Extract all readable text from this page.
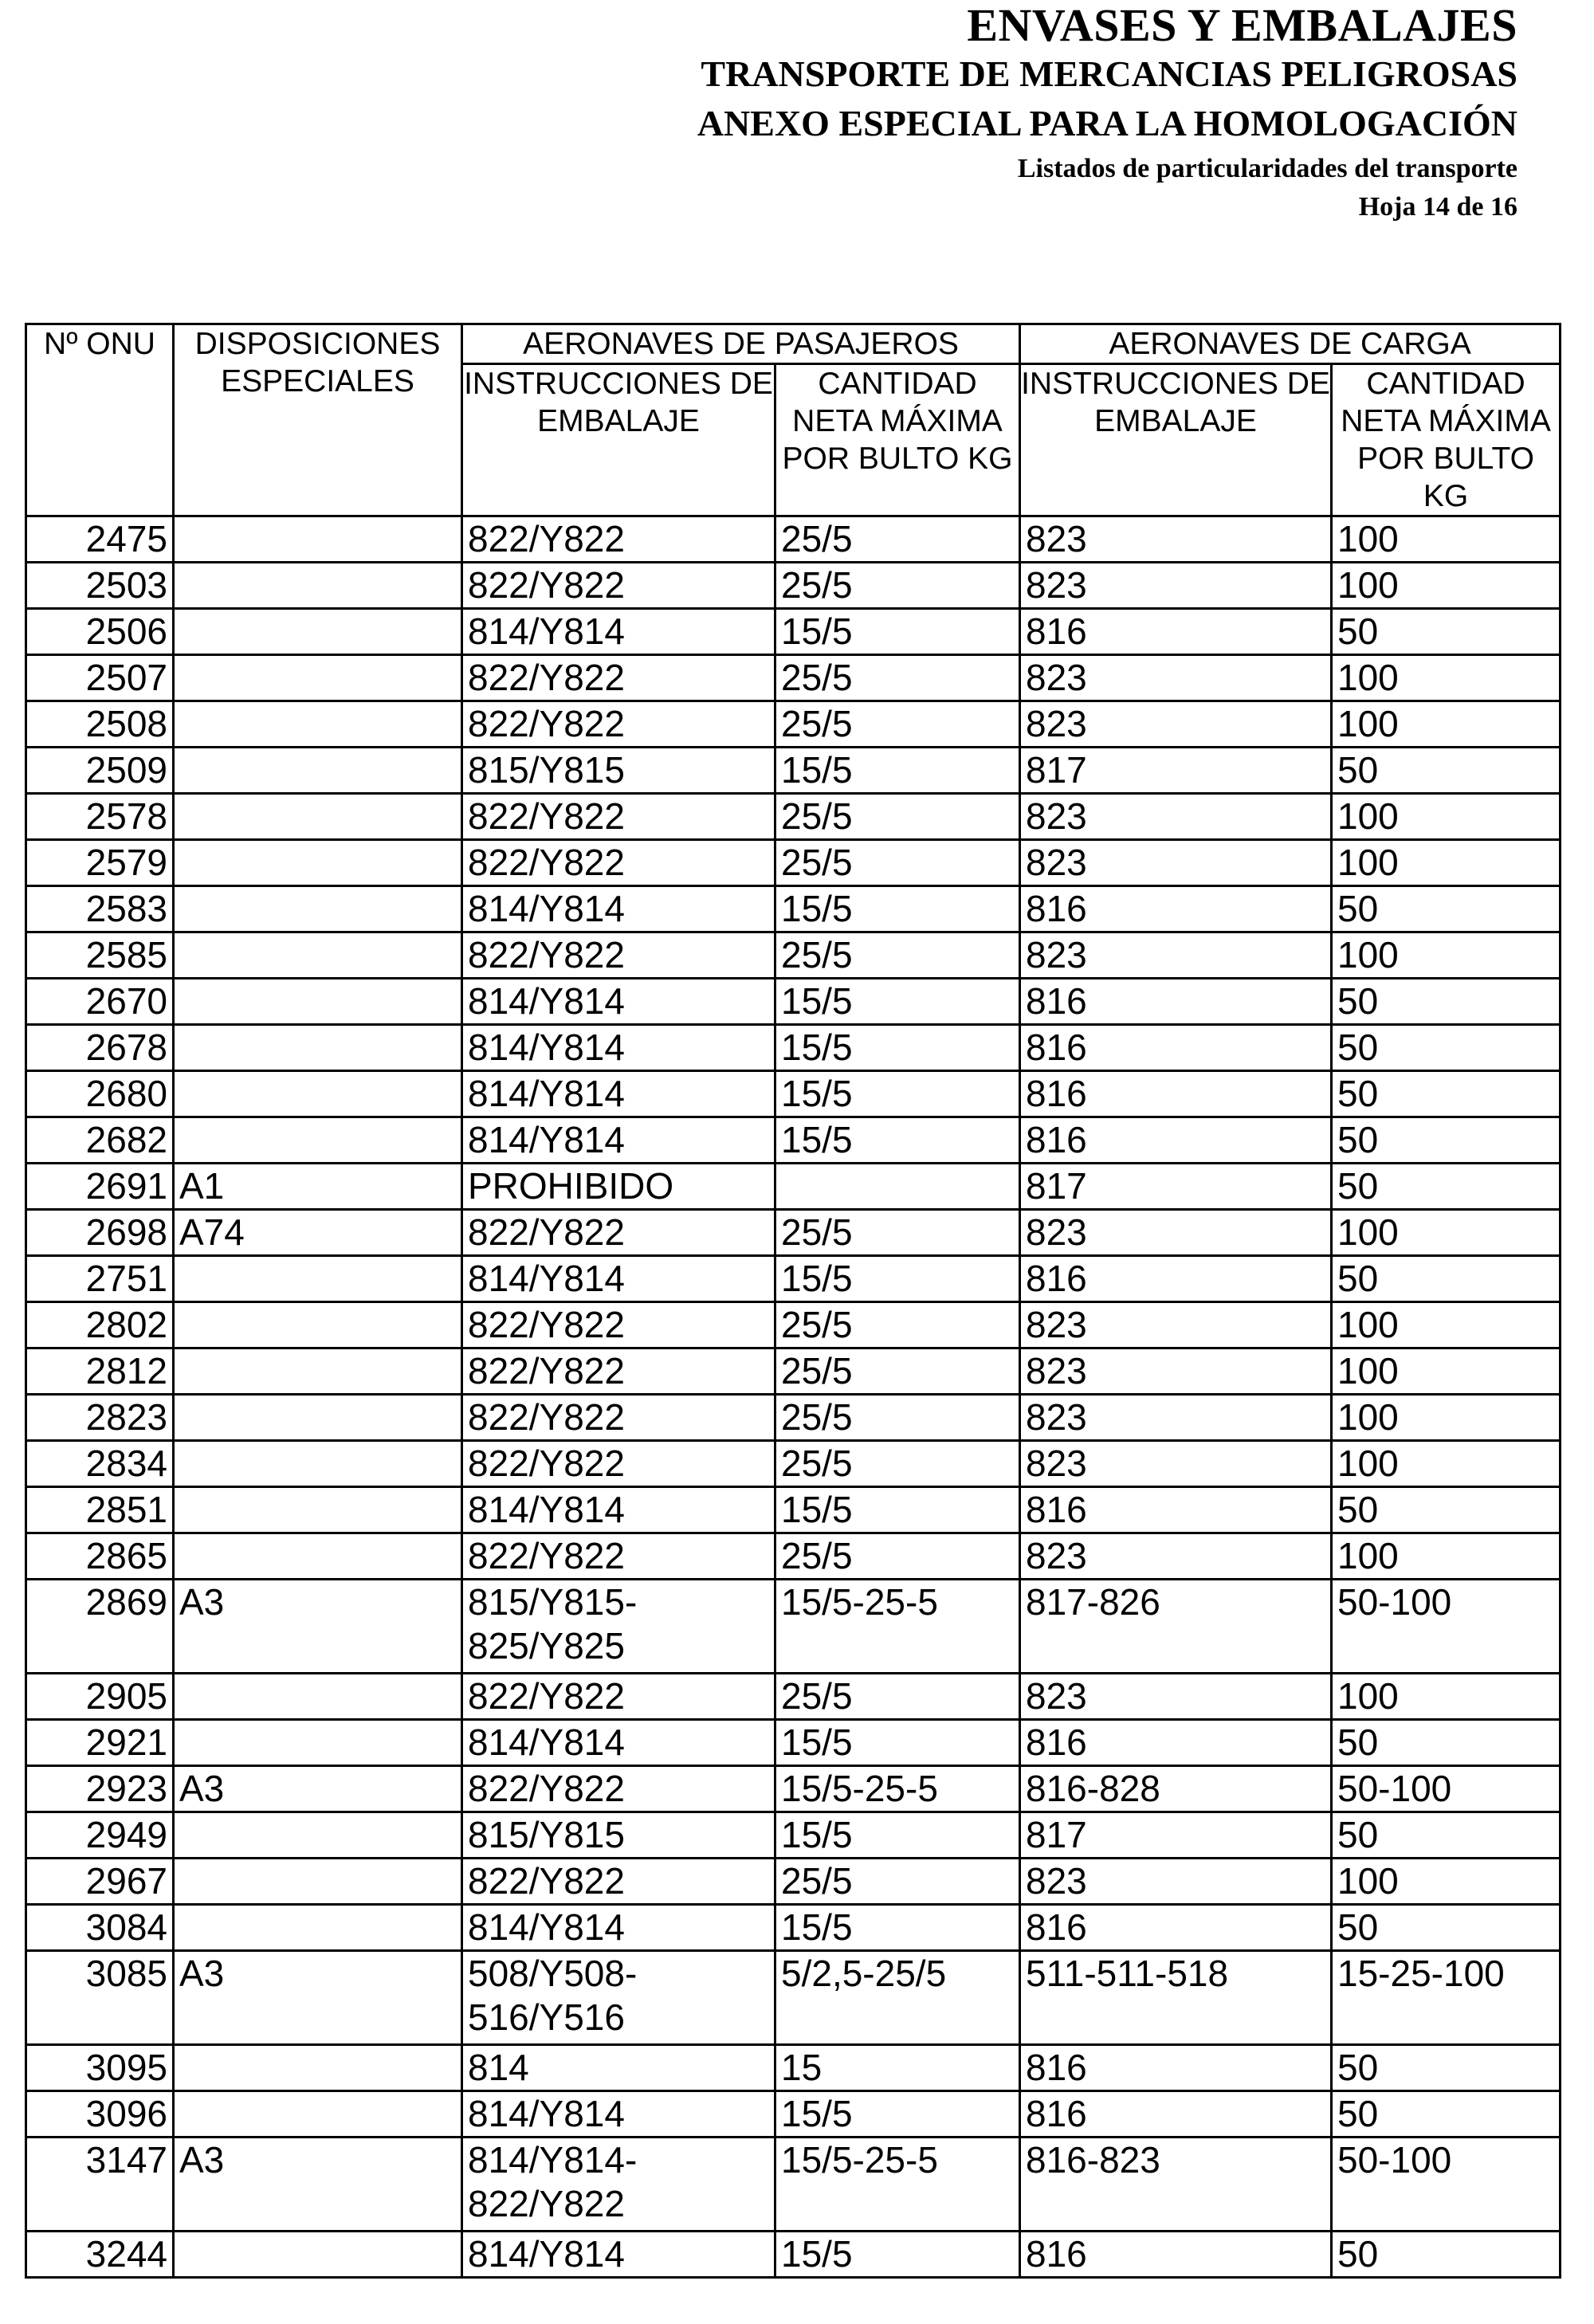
ENVASES Y EMBALAJES
TRANSPORTE DE MERCANCIAS PELIGROSAS
ANEXO ESPECIAL PARA LA HOMOLOGACIÓN
Listados de particularidades del transporte
Hoja 14 de 16
Nº ONU	DISPOSICIONES ESPECIALES	AERONAVES DE PASAJEROS		AERONAVES DE CARGA	
		INSTRUCCIONES DE EMBALAJE	CANTIDAD NETA MÁXIMA POR BULTO KG	INSTRUCCIONES DE EMBALAJE	CANTIDAD NETA MÁXIMA POR BULTO KG

2475		822/Y822	25/5	823	100

2503		822/Y822	25/5	823	100

2506		814/Y814	15/5	816	50

2507		822/Y822	25/5	823	100

2508		822/Y822	25/5	823	100

2509		815/Y815	15/5	817	50

2578		822/Y822	25/5	823	100

2579		822/Y822	25/5	823	100

2583		814/Y814	15/5	816	50

2585		822/Y822	25/5	823	100

2670		814/Y814	15/5	816	50

2678		814/Y814	15/5	816	50

2680		814/Y814	15/5	816	50

2682		814/Y814	15/5	816	50

2691	A1	PROHIBIDO		817	50

2698	A74	822/Y822	25/5	823	100

2751		814/Y814	15/5	816	50

2802		822/Y822	25/5	823	100

2812		822/Y822	25/5	823	100

2823		822/Y822	25/5	823	100

2834		822/Y822	25/5	823	100

2851		814/Y814	15/5	816	50

2865		822/Y822	25/5	823	100

2869	A3	815/Y815-
825/Y825	15/5-25-5	817-826	50-100

2905		822/Y822	25/5	823	100

2921		814/Y814	15/5	816	50

2923	A3	822/Y822	15/5-25-5	816-828	50-100

2949		815/Y815	15/5	817	50

2967		822/Y822	25/5	823	100

3084		814/Y814	15/5	816	50

3085	A3	508/Y508-
516/Y516	5/2,5-25/5	511-511-518	15-25-100

3095		814	15	816	50

3096		814/Y814	15/5	816	50

3147	A3	814/Y814-
822/Y822	15/5-25-5	816-823	50-100

3244		814/Y814	15/5	816	50
